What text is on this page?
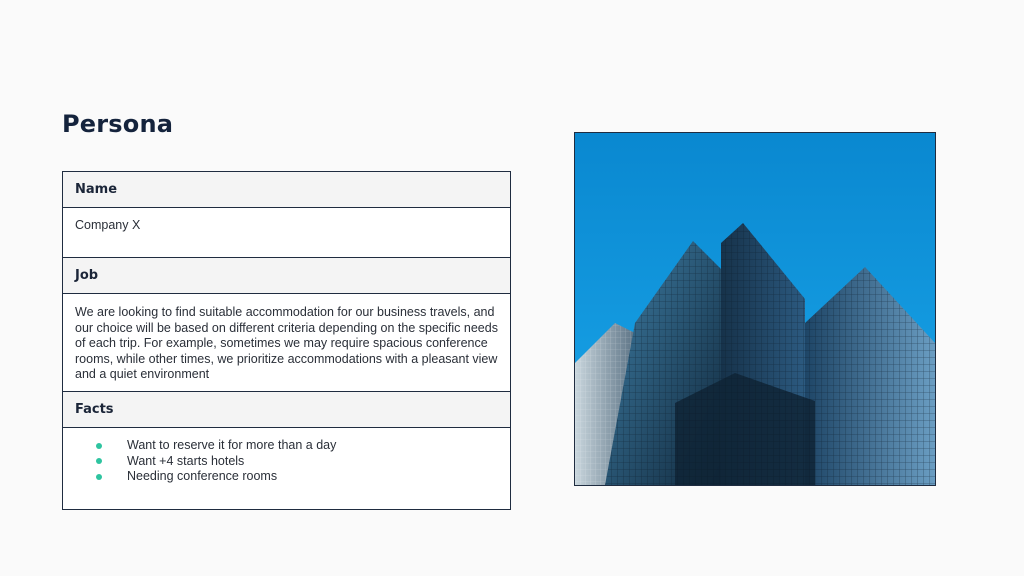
Persona
Name
Company X
Job
We are looking to find suitable accommodation for our business travels, and our choice will be based on different criteria depending on the specific needs of each trip. For example, sometimes we may require spacious conference rooms, while other times, we prioritize accommodations with a pleasant view and a quiet environment
Facts
Want to reserve it for more than a day
Want +4 starts hotels
Needing conference rooms
